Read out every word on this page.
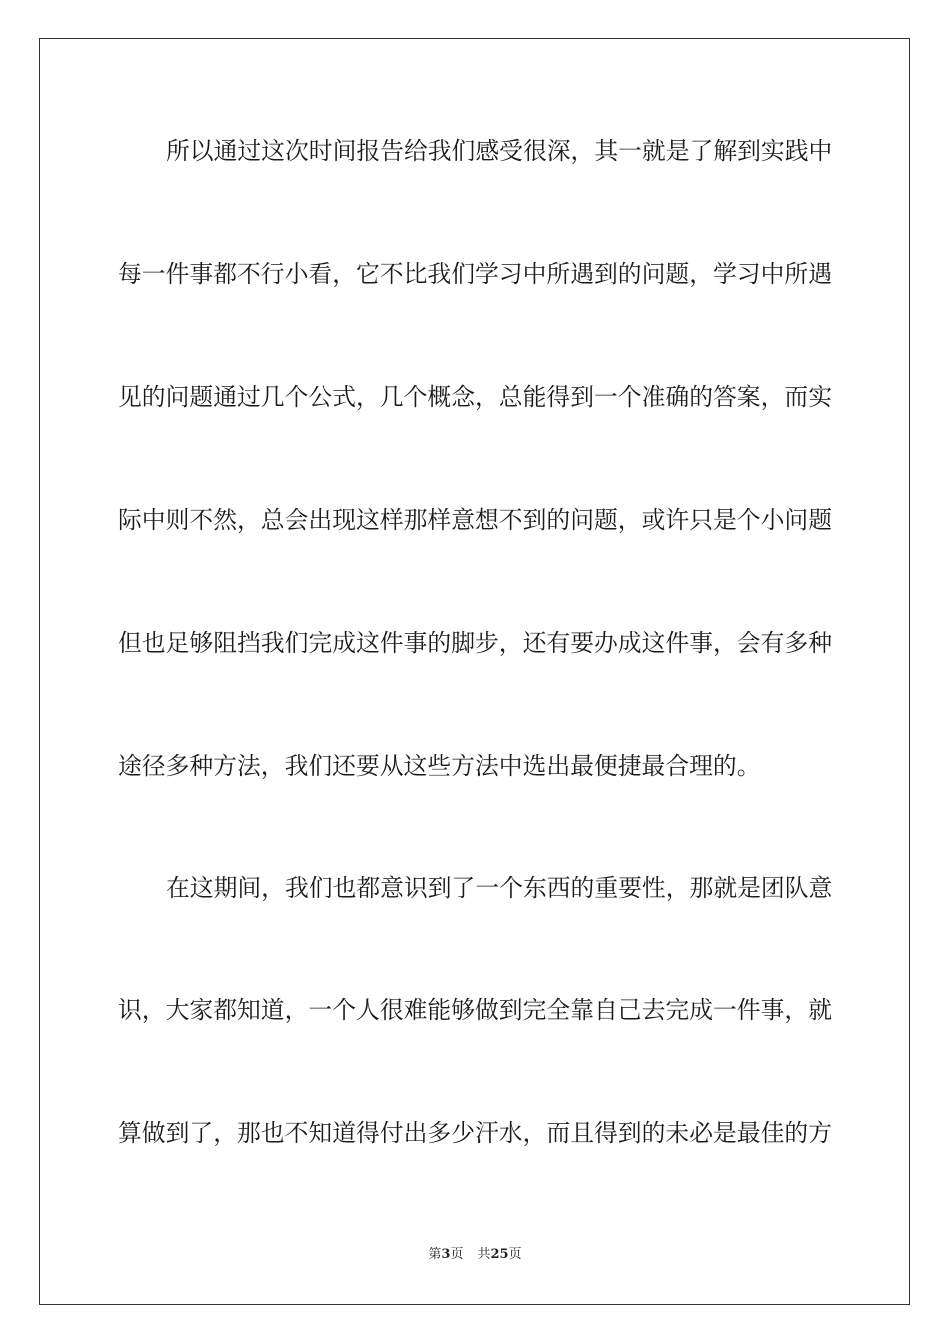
所以通过这次时间报告给我们感受很深，其一就是了解到实践中
每一件事都不行小看，它不比我们学习中所遇到的问题，学习中所遇
见的问题通过几个公式，几个概念，总能得到一个准确的答案，而实
际中则不然，总会出现这样那样意想不到的问题，或许只是个小问题
但也足够阻挡我们完成这件事的脚步，还有要办成这件事，会有多种
途径多种方法，我们还要从这些方法中选出最便捷最合理的。
在这期间，我们也都意识到了一个东西的重要性，那就是团队意
识，大家都知道，一个人很难能够做到完全靠自己去完成一件事，就
算做到了，那也不知道得付出多少汗水，而且得到的未必是最佳的方
第3页 共25页
